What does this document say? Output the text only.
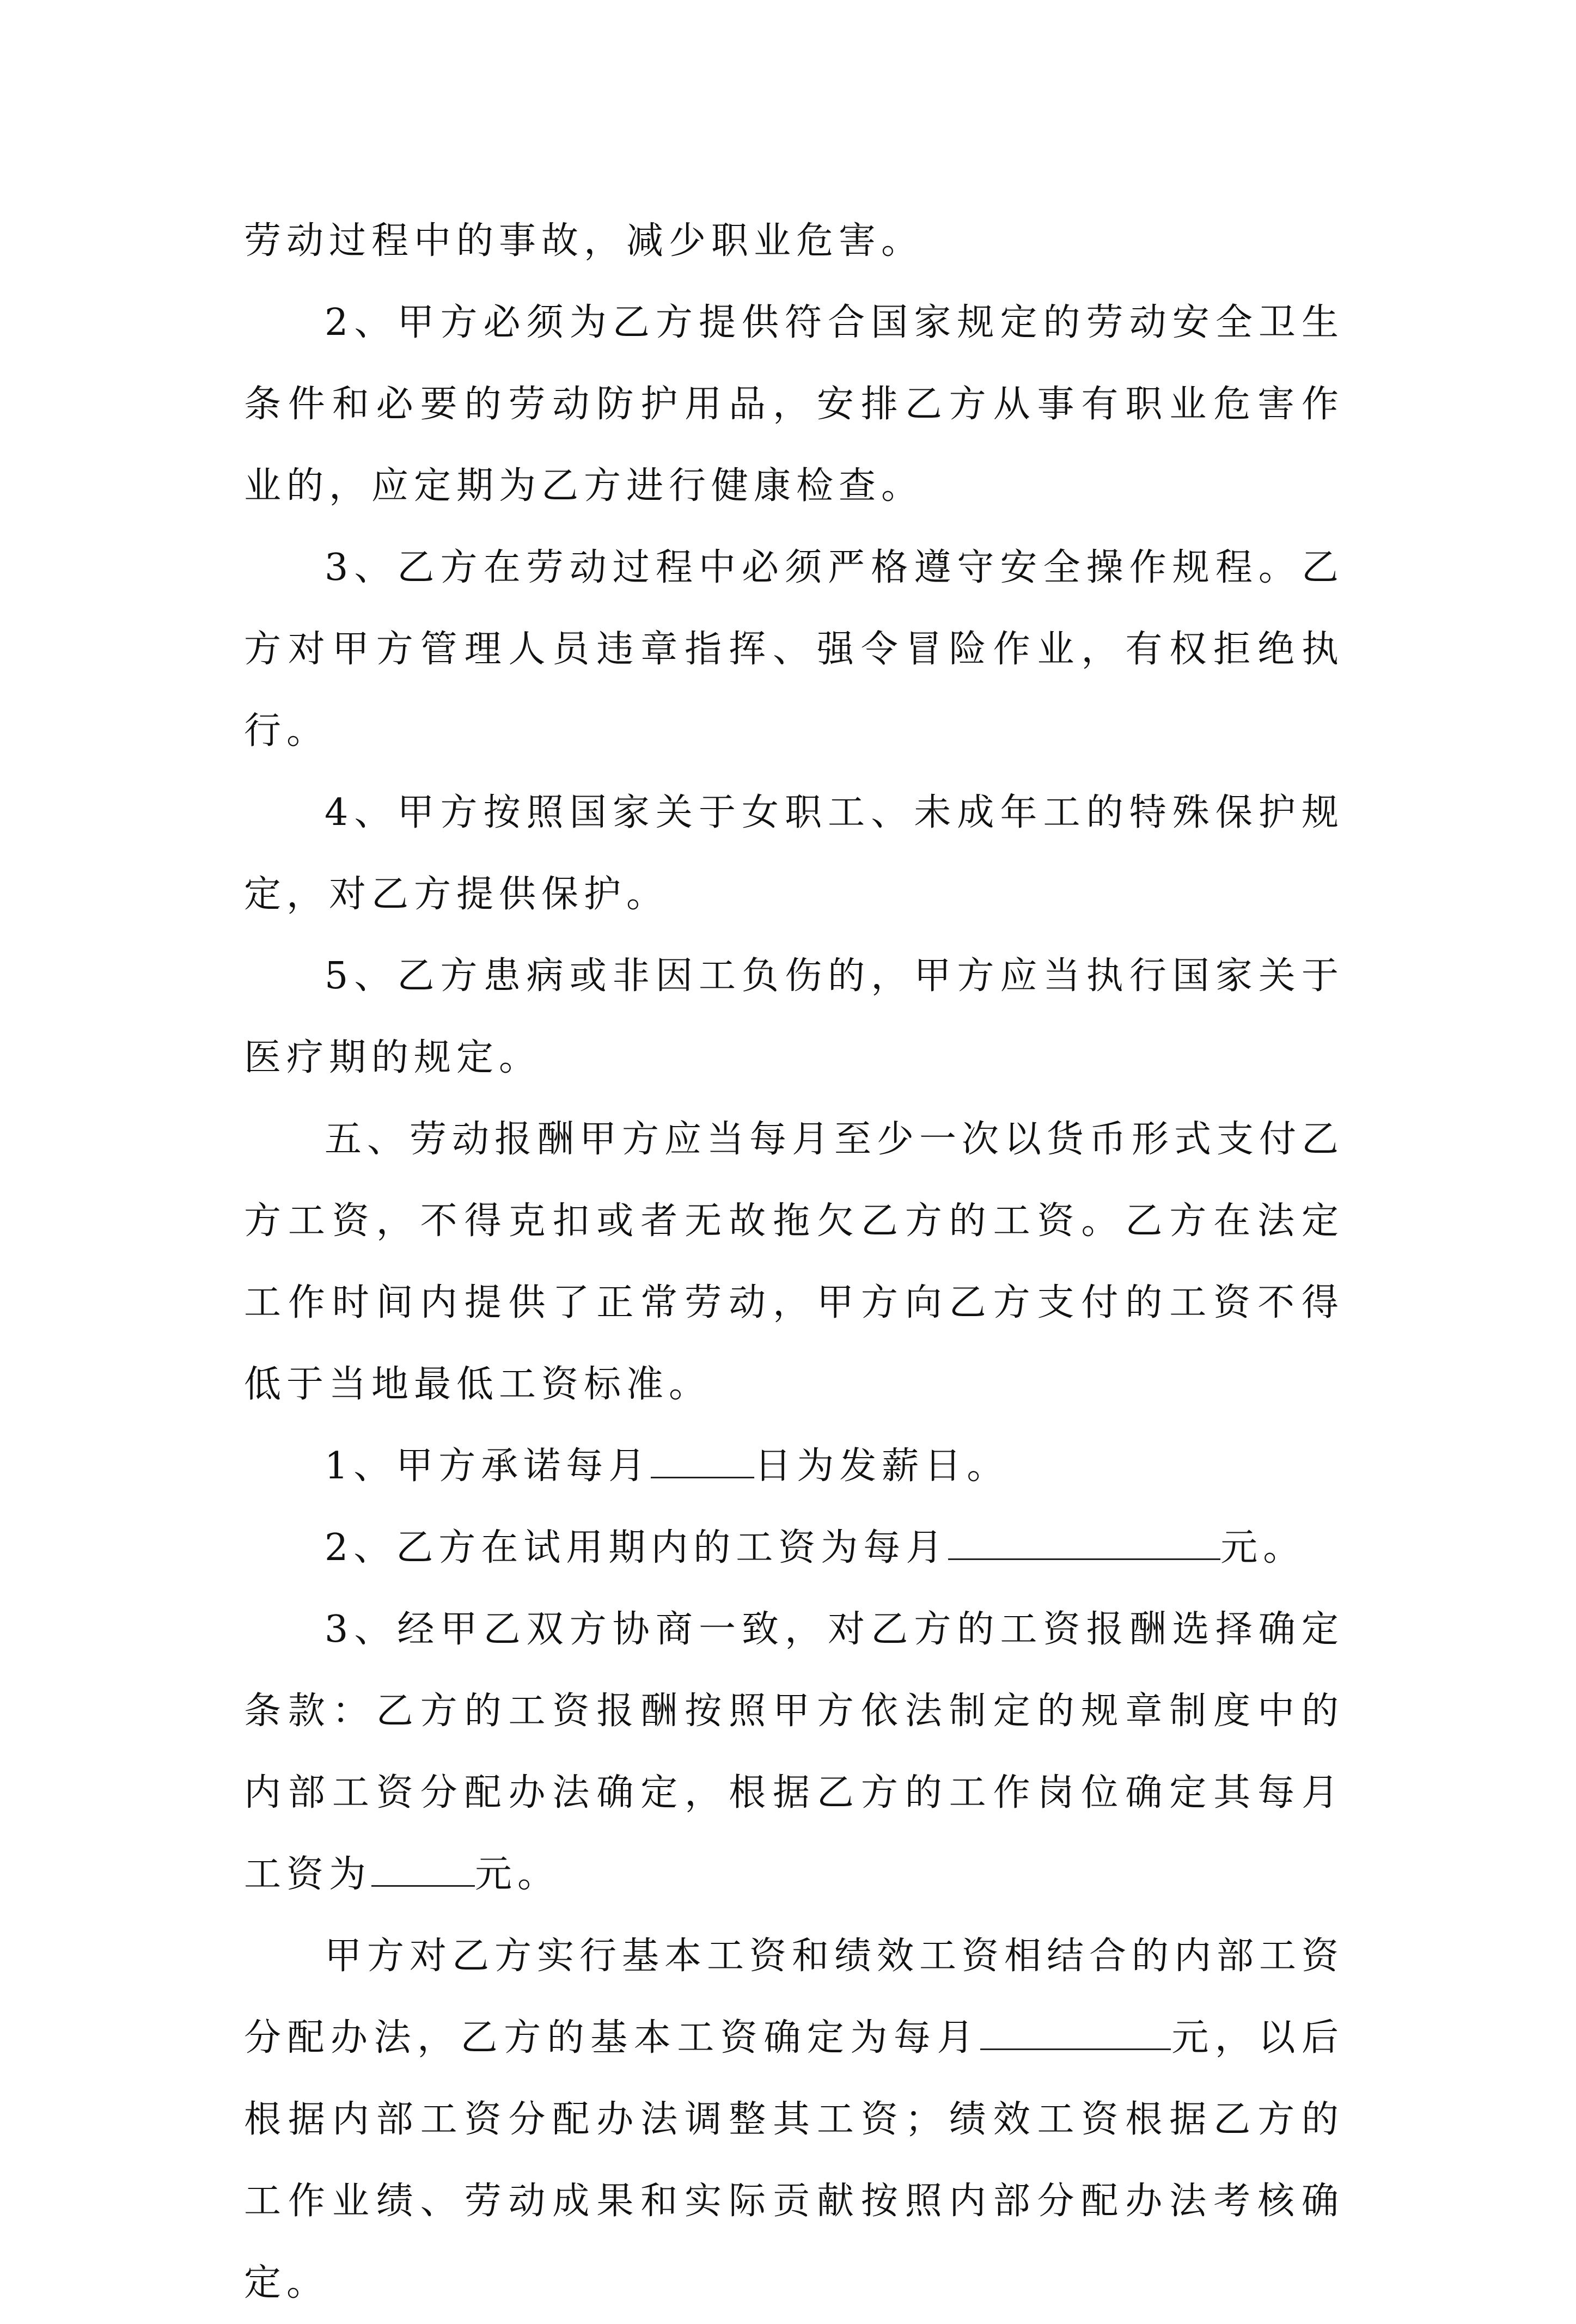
劳动过程中的事故，减少职业危害。

2、甲方必须为乙方提供符合国家规定的劳动安全卫生条件和必要的劳动防护用品，安排乙方从事有职业危害作业的，应定期为乙方进行健康检查。

3、乙方在劳动过程中必须严格遵守安全操作规程。乙方对甲方管理人员违章指挥、强令冒险作业，有权拒绝执行。

4、甲方按照国家关于女职工、未成年工的特殊保护规定，对乙方提供保护。

5、乙方患病或非因工负伤的，甲方应当执行国家关于医疗期的规定。

五、劳动报酬甲方应当每月至少一次以货币形式支付乙方工资，不得克扣或者无故拖欠乙方的工资。乙方在法定工作时间内提供了正常劳动，甲方向乙方支付的工资不得低于当地最低工资标准。

1、甲方承诺每月	日为发薪日。

2、乙方在试用期内的工资为每月	元。

3、经甲乙双方协商一致，对乙方的工资报酬选择确定条款：乙方的工资报酬按照甲方依法制定的规章制度中的内部工资分配办法确定，根据乙方的工作岗位确定其每月工资为	元。

甲方对乙方实行基本工资和绩效工资相结合的内部工资分配办法，乙方的基本工资确定为每月	元，以后根据内部工资分配办法调整其工资；绩效工资根据乙方的工作业绩、劳动成果和实际贡献按照内部分配办法考核确定。
